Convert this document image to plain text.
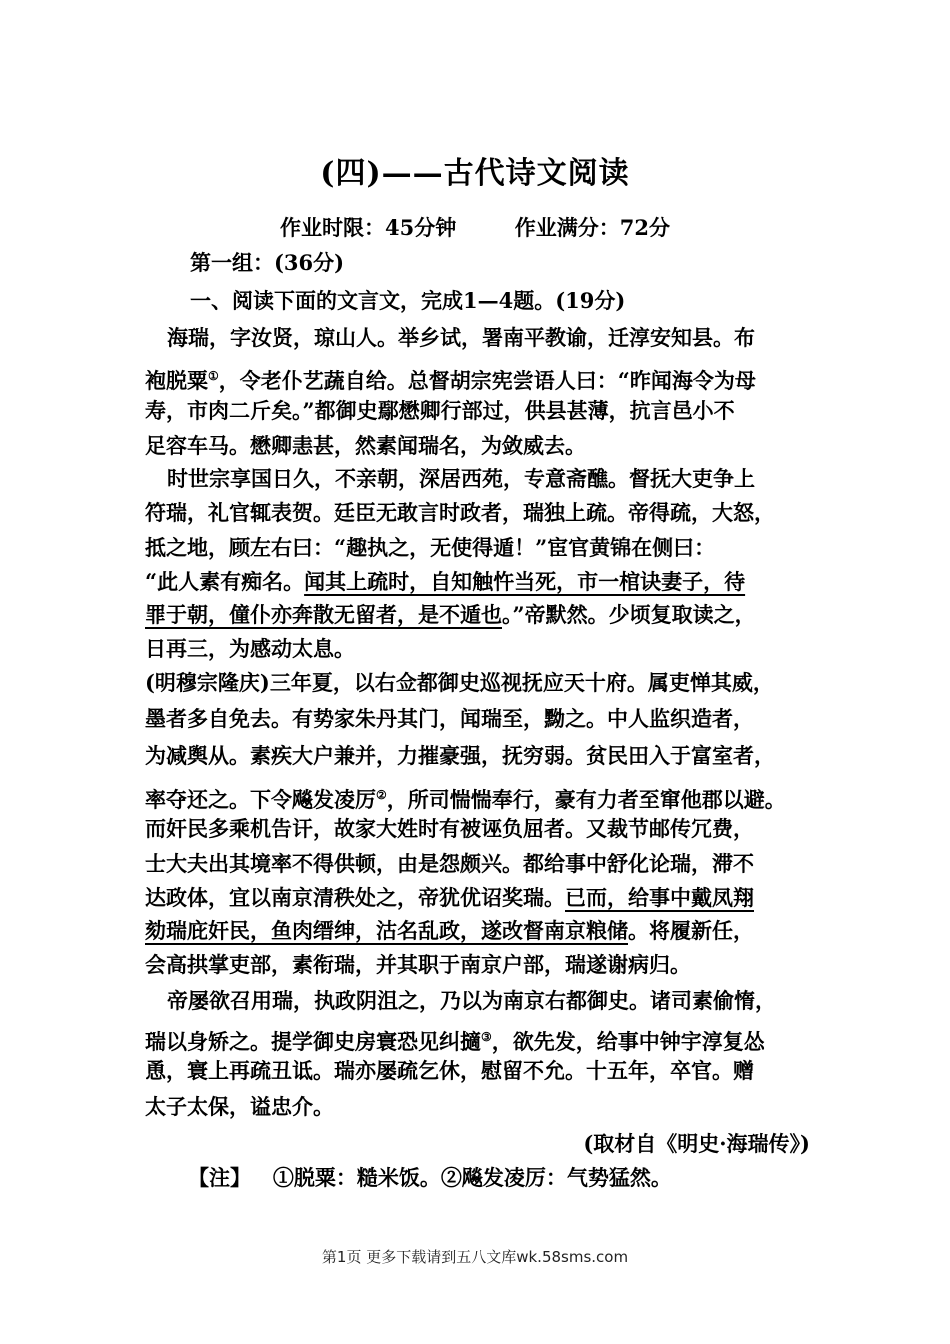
(四)——古代诗文阅读
作业时限：45分钟        作业满分：72分
第一组：(36分)
一、阅读下面的文言文，完成1—4题。(19分)
海瑞，字汝贤，琼山人。举乡试，署南平教谕，迁淳安知县。布
袍脱粟①，令老仆艺蔬自给。总督胡宗宪尝语人曰：“昨闻海令为母
寿，市肉二斤矣。”都御史鄢懋卿行部过，供县甚薄，抗言邑小不
足容车马。懋卿恚甚，然素闻瑞名，为敛威去。
时世宗享国日久，不亲朝，深居西苑，专意斋醮。督抚大吏争上
符瑞，礼官辄表贺。廷臣无敢言时政者，瑞独上疏。帝得疏，大怒，
抵之地，顾左右曰：“趣执之，无使得遁！”宦官黄锦在侧曰：
“此人素有痴名。闻其上疏时，自知触忤当死，市一棺诀妻子，待
罪于朝，僮仆亦奔散无留者，是不遁也。”帝默然。少顷复取读之，
日再三，为感动太息。
(明穆宗隆庆)三年夏，以右佥都御史巡视抚应天十府。属吏惮其威，
墨者多自免去。有势家朱丹其门，闻瑞至，黝之。中人监织造者，
为减舆从。素疾大户兼并，力摧豪强，抚穷弱。贫民田入于富室者，
率夺还之。下令飚发凌厉②，所司惴惴奉行，豪有力者至窜他郡以避。
而奸民多乘机告讦，故家大姓时有被诬负屈者。又裁节邮传冗费，
士大夫出其境率不得供顿，由是怨颇兴。都给事中舒化论瑞，滞不
达政体，宜以南京清秩处之，帝犹优诏奖瑞。已而，给事中戴凤翔
劾瑞庇奸民，鱼肉缙绅，沽名乱政，遂改督南京粮储。将履新任，
会高拱掌吏部，素衔瑞，并其职于南京户部，瑞遂谢病归。
帝屡欲召用瑞，执政阴沮之，乃以为南京右都御史。诸司素偷惰，
瑞以身矫之。提学御史房寰恐见纠擿③，欲先发，给事中钟宇淳复怂
恿，寰上再疏丑诋。瑞亦屡疏乞休，慰留不允。十五年，卒官。赠
太子太保，谥忠介。
(取材自《明史·海瑞传》)
【注】   ①脱粟：糙米饭。②飚发凌厉：气势猛然。
第1页 更多下载请到五八文库wk.58sms.com
